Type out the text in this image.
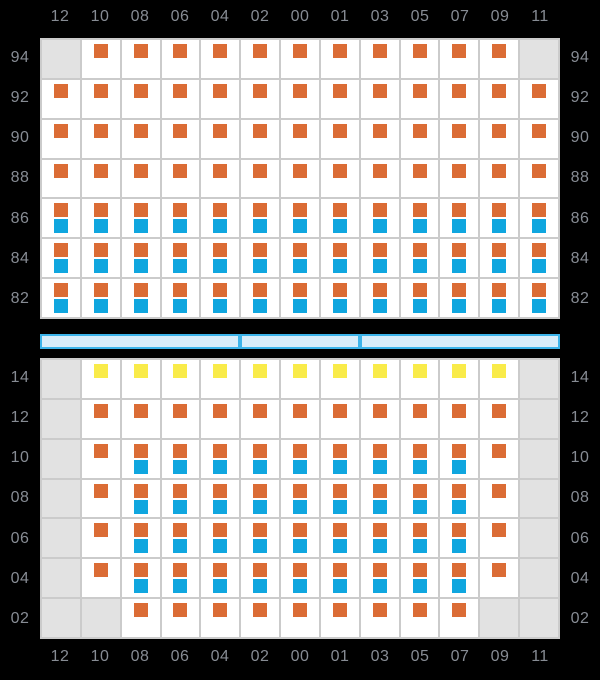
12	10	08	06	04	02	00	01	03	05	07	09	11
94
92
90
88
86
84
82
94
92
90
88
86
84
82
14
12
10
08
06
04
02
14
12
10
08
06
04
02
12	10	08	06	04	02	00	01	03	05	07	09	11
